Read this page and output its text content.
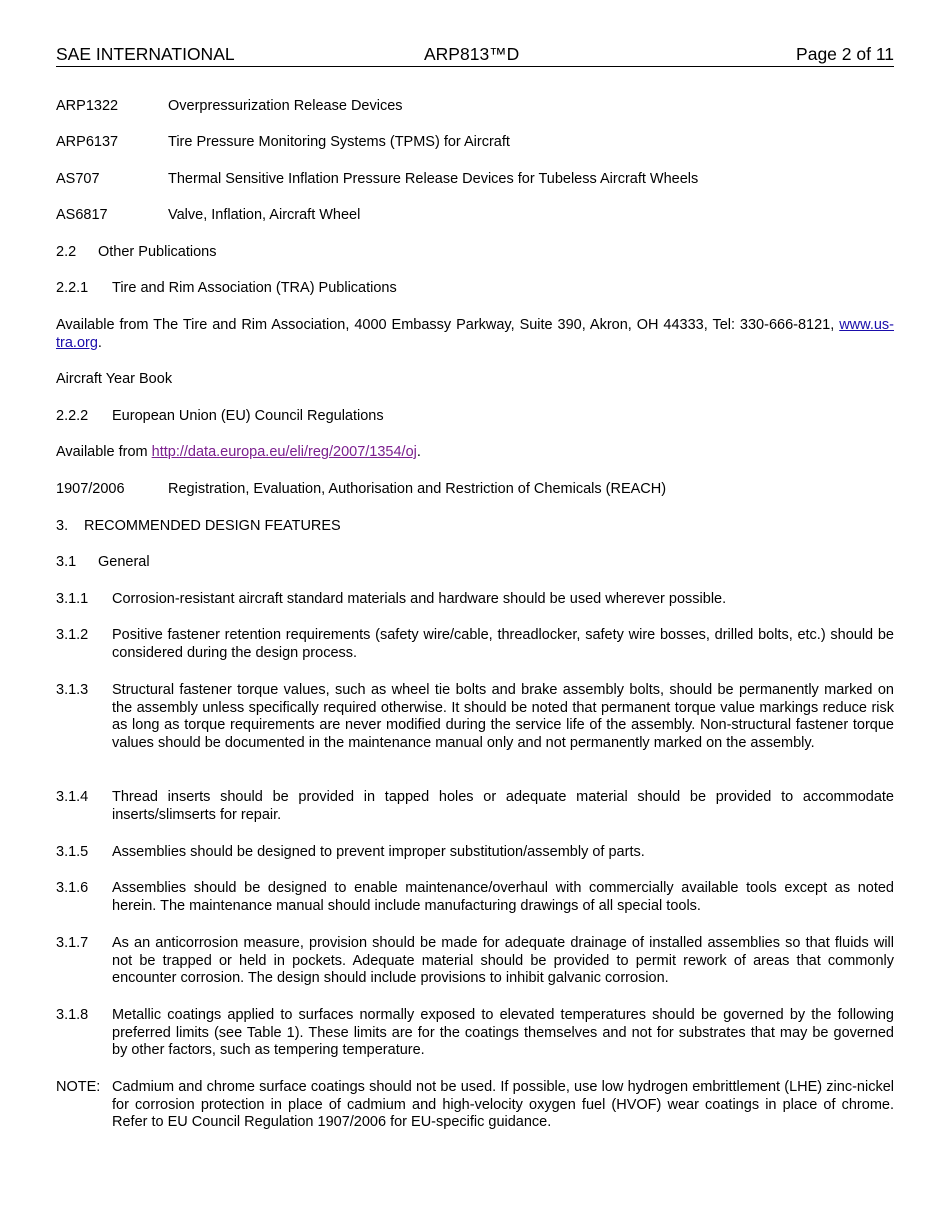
SAE INTERNATIONAL	ARP813™D	Page 2 of 11
ARP1322	Overpressurization Release Devices
ARP6137	Tire Pressure Monitoring Systems (TPMS) for Aircraft
AS707	Thermal Sensitive Inflation Pressure Release Devices for Tubeless Aircraft Wheels
AS6817	Valve, Inflation, Aircraft Wheel
2.2 Other Publications
2.2.1 Tire and Rim Association (TRA) Publications
Available from The Tire and Rim Association, 4000 Embassy Parkway, Suite 390, Akron, OH 44333, Tel: 330-666-8121, www.us-tra.org.
Aircraft Year Book
2.2.2 European Union (EU) Council Regulations
Available from http://data.europa.eu/eli/reg/2007/1354/oj.
1907/2006	Registration, Evaluation, Authorisation and Restriction of Chemicals (REACH)
3. RECOMMENDED DESIGN FEATURES
3.1 General
3.1.1 Corrosion-resistant aircraft standard materials and hardware should be used wherever possible.
3.1.2 Positive fastener retention requirements (safety wire/cable, threadlocker, safety wire bosses, drilled bolts, etc.) should be considered during the design process.
3.1.3 Structural fastener torque values, such as wheel tie bolts and brake assembly bolts, should be permanently marked on the assembly unless specifically required otherwise. It should be noted that permanent torque value markings reduce risk as long as torque requirements are never modified during the service life of the assembly. Non-structural fastener torque values should be documented in the maintenance manual only and not permanently marked on the assembly.
3.1.4 Thread inserts should be provided in tapped holes or adequate material should be provided to accommodate inserts/slimserts for repair.
3.1.5 Assemblies should be designed to prevent improper substitution/assembly of parts.
3.1.6 Assemblies should be designed to enable maintenance/overhaul with commercially available tools except as noted herein. The maintenance manual should include manufacturing drawings of all special tools.
3.1.7 As an anticorrosion measure, provision should be made for adequate drainage of installed assemblies so that fluids will not be trapped or held in pockets. Adequate material should be provided to permit rework of areas that commonly encounter corrosion. The design should include provisions to inhibit galvanic corrosion.
3.1.8 Metallic coatings applied to surfaces normally exposed to elevated temperatures should be governed by the following preferred limits (see Table 1). These limits are for the coatings themselves and not for substrates that may be governed by other factors, such as tempering temperature.
NOTE: Cadmium and chrome surface coatings should not be used. If possible, use low hydrogen embrittlement (LHE) zinc-nickel for corrosion protection in place of cadmium and high-velocity oxygen fuel (HVOF) wear coatings in place of chrome. Refer to EU Council Regulation 1907/2006 for EU-specific guidance.
